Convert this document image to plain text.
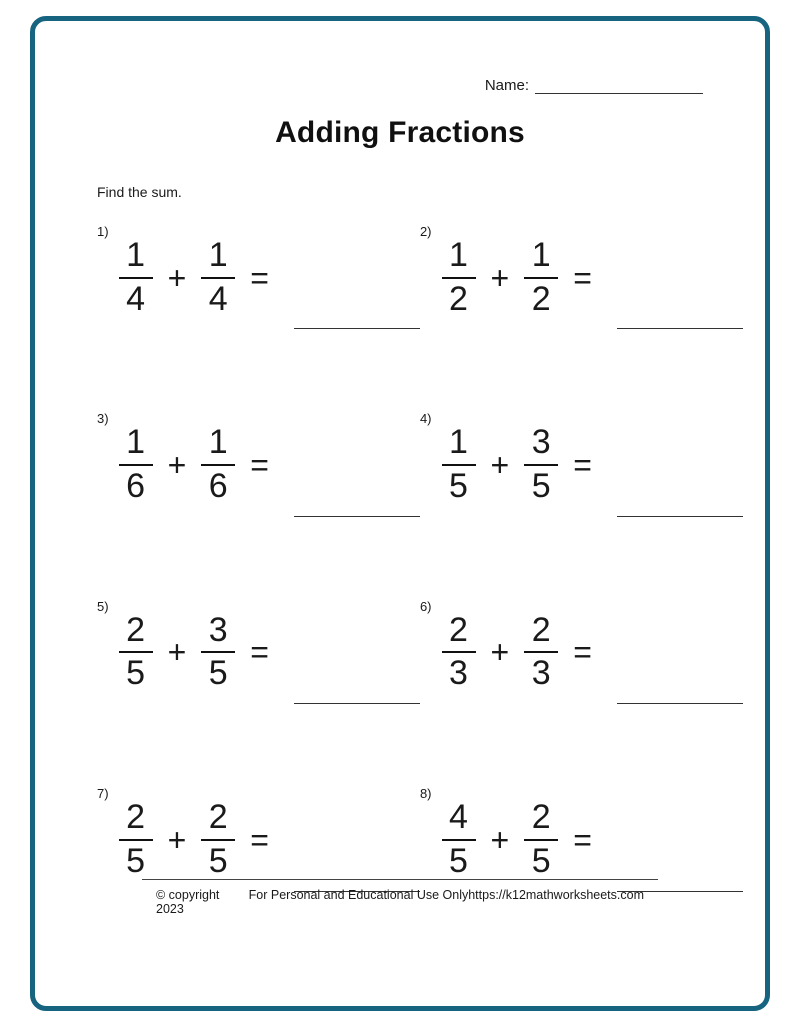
Name:
Adding Fractions
Find the sum.
1)
$\frac{1}{4} + \frac{1}{4}$ =
2)
$\frac{1}{2} + \frac{1}{2}$ =
3)
$\frac{1}{6} + \frac{1}{6}$ =
4)
$\frac{1}{5} + \frac{3}{5}$ =
5)
$\frac{2}{5} + \frac{3}{5}$ =
6)
$\frac{2}{3} + \frac{2}{3}$ =
7)
$\frac{2}{5} + \frac{2}{5}$ =
8)
$\frac{4}{5} + \frac{2}{5}$ =
© copyright 2023
For Personal and Educational Use Only https://k12mathworksheets.com
